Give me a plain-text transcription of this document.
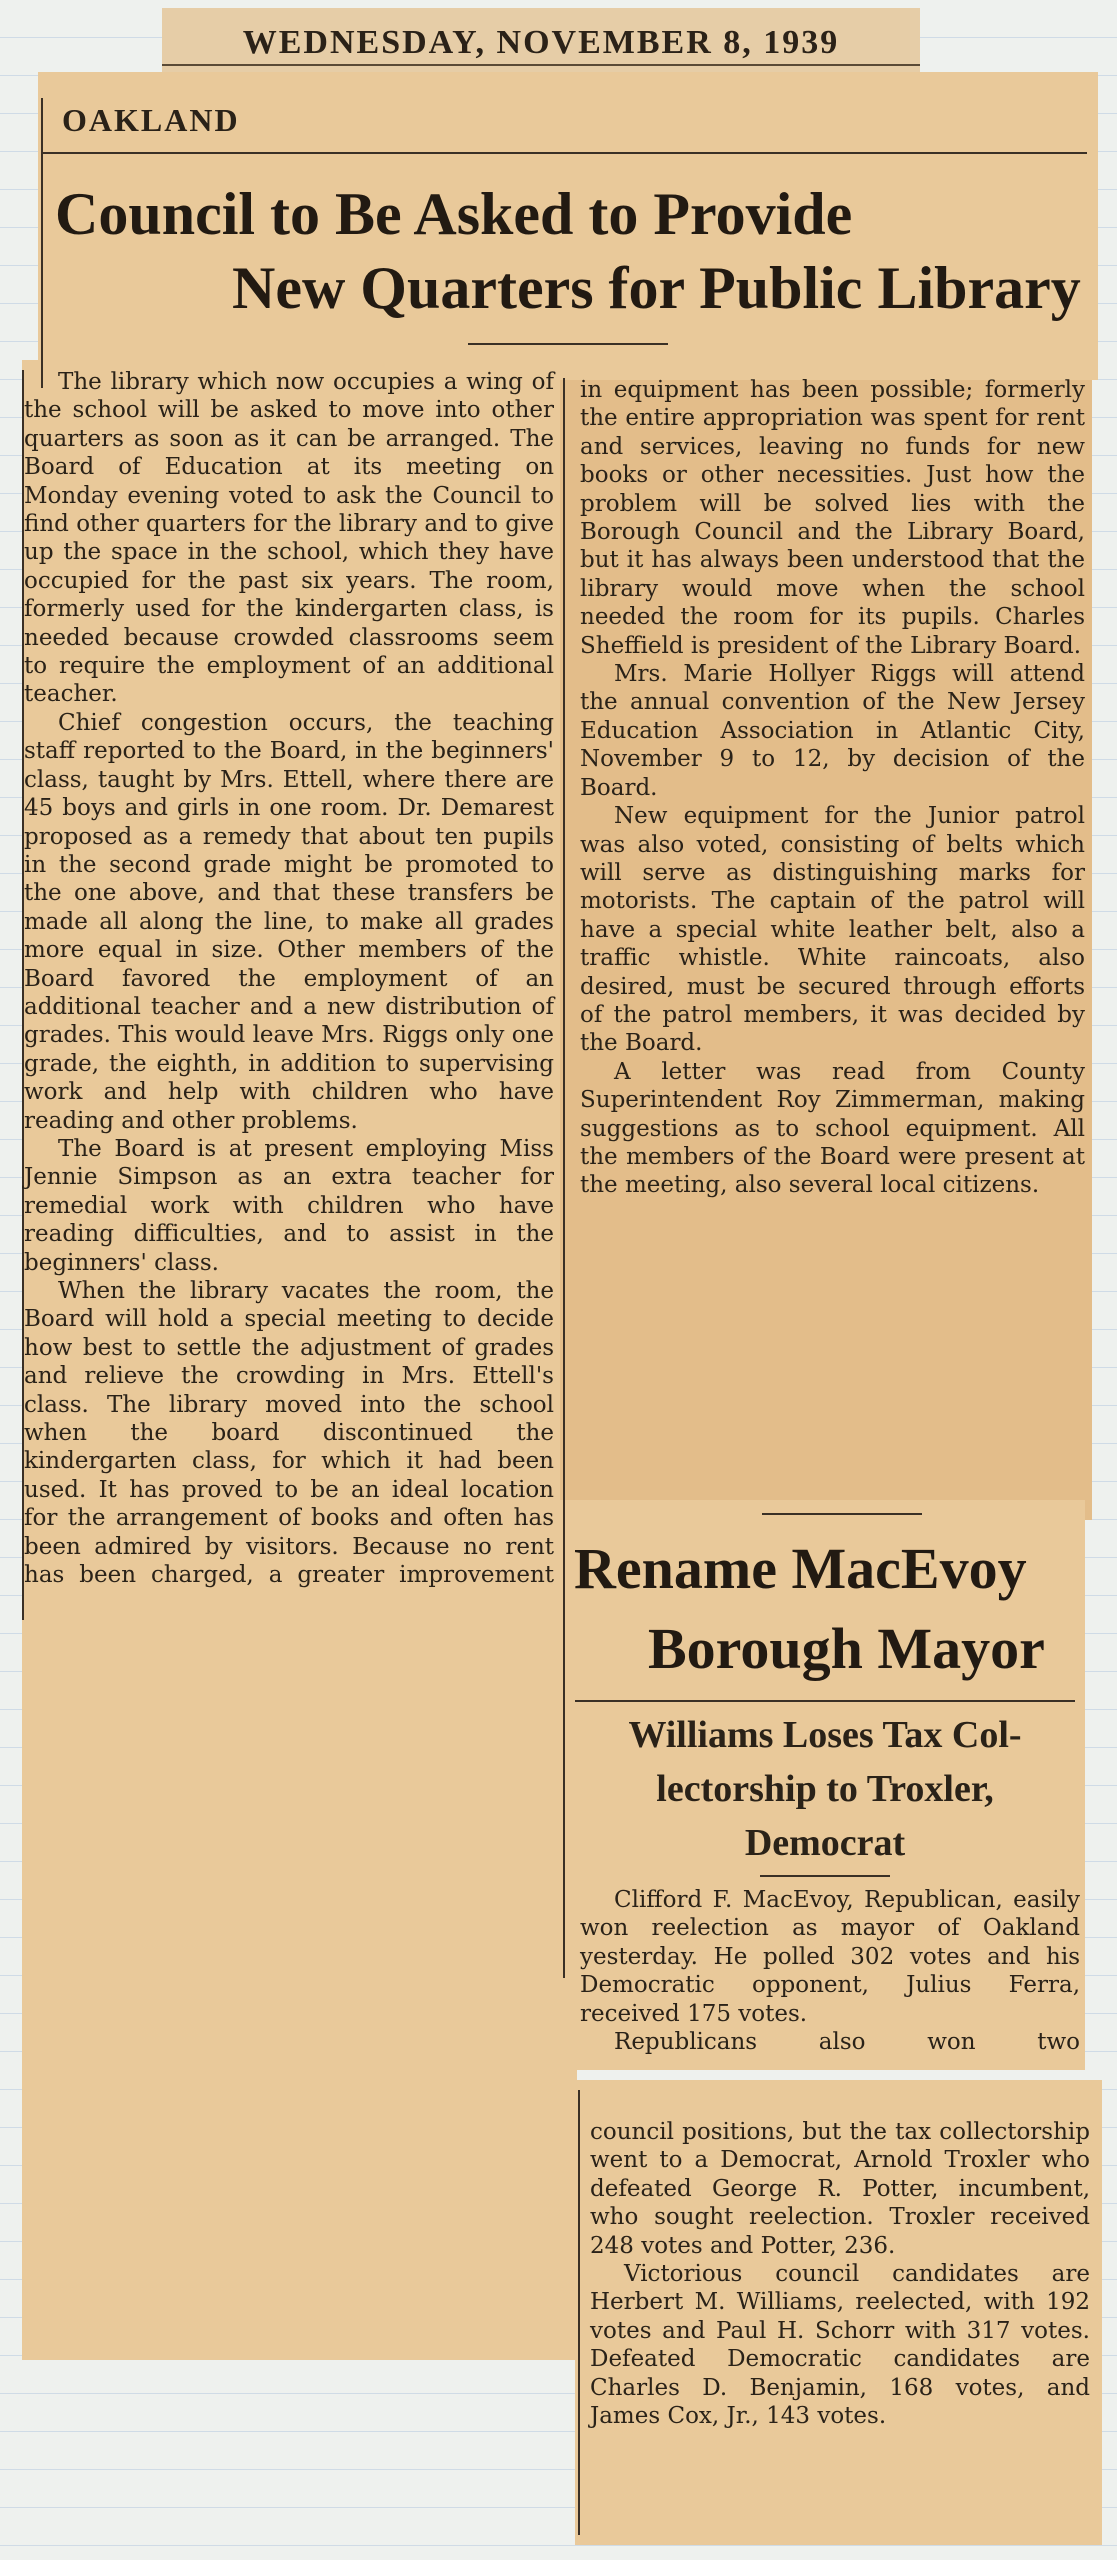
WEDNESDAY, NOVEMBER 8, 1939
OAKLAND
Council to Be Asked to Provide
New Quarters for Public Library

The library which now occupies a wing of the school will be asked to move into other quarters as soon as it can be arranged. The Board of Education at its meeting on Monday evening voted to ask the Council to find other quarters for the library and to give up the space in the school, which they have occupied for the past six years. The room, formerly used for the kindergarten class, is needed because crowded classrooms seem to require the employment of an additional teacher.

Chief congestion occurs, the teaching staff reported to the Board, in the beginners' class, taught by Mrs. Ettell, where there are 45 boys and girls in one room. Dr. Demarest proposed as a remedy that about ten pupils in the second grade might be promoted to the one above, and that these transfers be made all along the line, to make all grades more equal in size. Other members of the Board favored the employment of an additional teacher and a new distribution of grades. This would leave Mrs. Riggs only one grade, the eighth, in addition to supervising work and help with children who have reading and other problems.

The Board is at present employing Miss Jennie Simpson as an extra teacher for remedial work with children who have reading difficulties, and to assist in the beginners' class.

When the library vacates the room, the Board will hold a special meeting to decide how best to settle the adjustment of grades and relieve the crowding in Mrs. Ettell's class. The library moved into the school when the board discontinued the kindergarten class, for which it had been used. It has proved to be an ideal location for the arrangement of books and often has been admired by visitors. Because no rent has been charged, a greater improvement

in equipment has been possible; formerly the entire appropriation was spent for rent and services, leaving no funds for new books or other necessities. Just how the problem will be solved lies with the Borough Council and the Library Board, but it has always been understood that the library would move when the school needed the room for its pupils. Charles Sheffield is president of the Library Board.

Mrs. Marie Hollyer Riggs will attend the annual convention of the New Jersey Education Association in Atlantic City, November 9 to 12, by decision of the Board.

New equipment for the Junior patrol was also voted, consisting of belts which will serve as distinguishing marks for motorists. The captain of the patrol will have a special white leather belt, also a traffic whistle. White raincoats, also desired, must be secured through efforts of the patrol members, it was decided by the Board.

A letter was read from County Superintendent Roy Zimmerman, making suggestions as to school equipment. All the members of the Board were present at the meeting, also several local citizens.

Rename MacEvoy
Borough Mayor
Williams Loses Tax Col-
lectorship to Troxler,
Democrat

Clifford F. MacEvoy, Republican, easily won reelection as mayor of Oakland yesterday. He polled 302 votes and his Democratic opponent, Julius Ferra, received 175 votes.

Republicans also won two

council positions, but the tax collectorship went to a Democrat, Arnold Troxler who defeated George R. Potter, incumbent, who sought reelection. Troxler received 248 votes and Potter, 236.

Victorious council candidates are Herbert M. Williams, reelected, with 192 votes and Paul H. Schorr with 317 votes. Defeated Democratic candidates are Charles D. Benjamin, 168 votes, and James Cox, Jr., 143 votes.
